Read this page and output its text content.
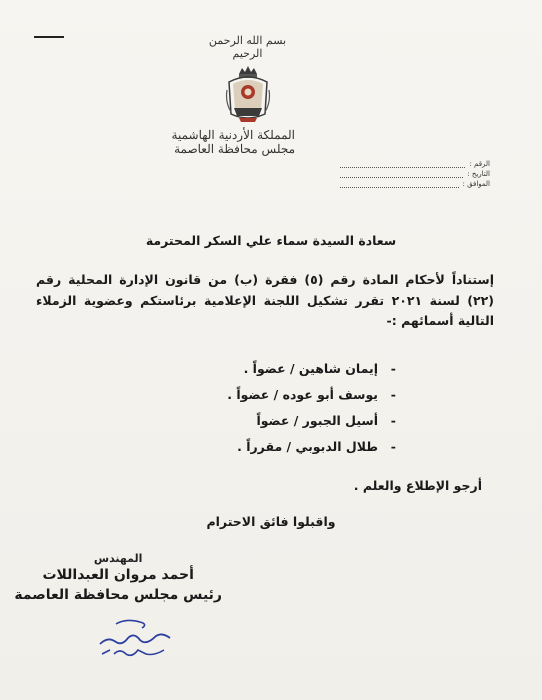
بسم الله الرحمن الرحيم
المملكة الأردنية الهاشمية
مجلس محافظة العاصمة
الرقم :
التاريخ :
الموافق :
سعادة السيدة سماء علي السكر المحترمة
إستناداً لأحكام المادة رقم (٥) فقرة (ب) من قانون الإدارة المحلية رقم (٢٢) لسنة ٢٠٢١ تقرر تشكيل اللجنة الإعلامية برئاستكم وعضوية الزملاء التالية أسمائهم :-
-إيمان شاهين / عضواً .
-يوسف أبو عوده / عضواً .
-أسيل الجبور / عضواً
-طلال الدبوبي / مقرراً .
أرجو الإطلاع والعلم .
واقبلوا فائق الاحترام
المهندس
أحمد مروان العبداللات
رئيس مجلس محافظة العاصمة
